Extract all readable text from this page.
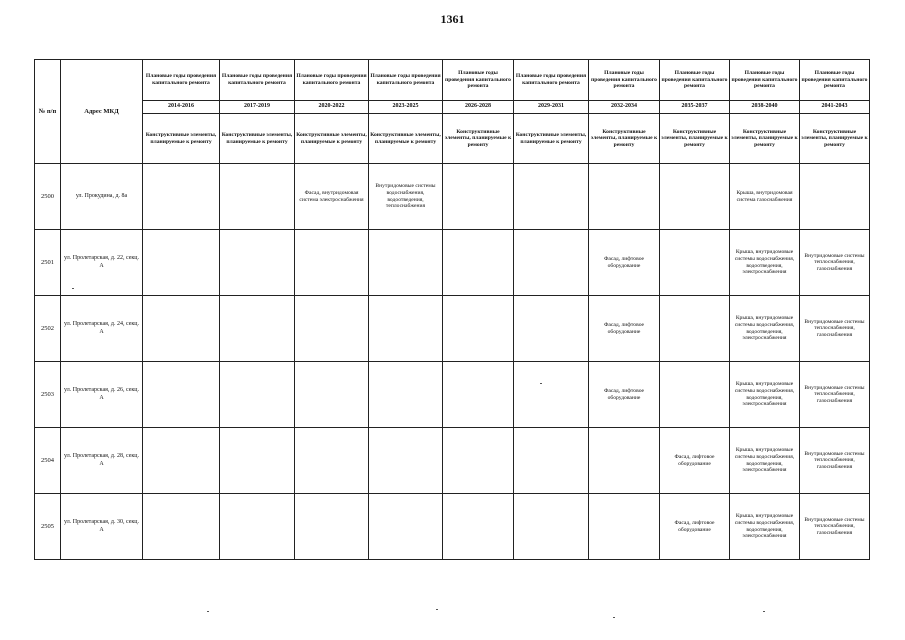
1361
№ п/п	Адрес МКД	Плановые годы проведения капитального ремонта	Плановые годы проведения капитального ремонта	Плановые годы проведения капитального ремонта	Плановые годы проведения капитального ремонта	Плановые годы проведения капитального ремонта	Плановые годы проведения капитального ремонта	Плановые годы проведения капитального ремонта	Плановые годы проведения капитального ремонта	Плановые годы проведения капитального ремонта	Плановые годы проведения капитального ремонта
		2014-2016	2017-2019	2020-2022	2023-2025	2026-2028	2029-2031	2032-2034	2035-2037	2038-2040	2041-2043
		Конструктивные элементы, планируемые к ремонту	Конструктивные элементы, планируемые к ремонту	Конструктивные элементы, планируемые к ремонту	Конструктивные элементы, планируемые к ремонту	Конструктивные элементы, планируемые к ремонту	Конструктивные элементы, планируемые к ремонту	Конструктивные элементы, планируемые к ремонту	Конструктивные элементы, планируемые к ремонту	Конструктивные элементы, планируемые к ремонту	Конструктивные элементы, планируемые к ремонту
2500	ул. Прокудина, д. 8а			Фасад, внутридомовая система электроснабжения	Внутридомовые системы водоснабжения, водоотведения, теплоснабжения					Крыша, внутридомовая система газоснабжения	
2501	ул. Пролетарская, д. 22, секц. А							Фасад, лифтовое оборудование		Крыша, внутридомовые системы водоснабжения, водоотведения, электроснабжения	Внутридомовые системы теплоснабжения, газоснабжения
2502	ул. Пролетарская, д. 24, секц. А							Фасад, лифтовое оборудование		Крыша, внутридомовые системы водоснабжения, водоотведения, электроснабжения	Внутридомовые системы теплоснабжения, газоснабжения
2503	ул. Пролетарская, д. 26, секц. А							Фасад, лифтовое оборудование		Крыша, внутридомовые системы водоснабжения, водоотведения, электроснабжения	Внутридомовые системы теплоснабжения, газоснабжения
2504	ул. Пролетарская, д. 28, секц. А								Фасад, лифтовое оборудование	Крыша, внутридомовые системы водоснабжения, водоотведения, электроснабжения	Внутридомовые системы теплоснабжения, газоснабжения
2505	ул. Пролетарская, д. 30, секц. А								Фасад, лифтовое оборудование	Крыша, внутридомовые системы водоснабжения, водоотведения, электроснабжения	Внутридомовые системы теплоснабжения, газоснабжения
